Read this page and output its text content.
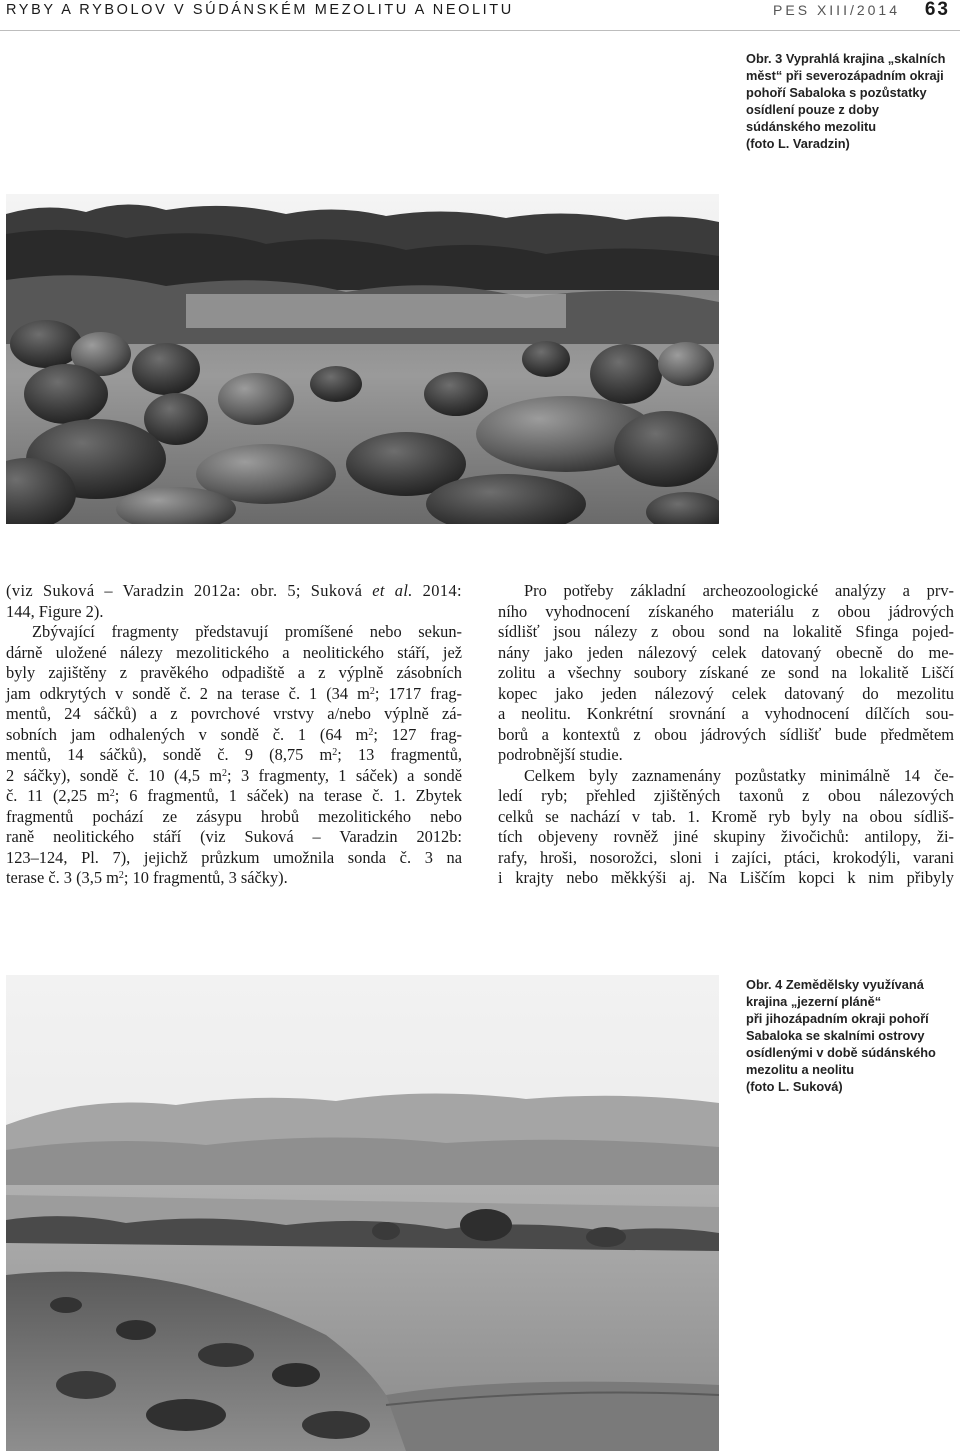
RYBY A RYBOLOV V SÚDÁNSKÉM MEZOLITU A NEOLITU	PES XIII/2014 63
Obr. 3 Vyprahlá krajina „skalních
měst“ při severozápadním okraji
pohoří Sabaloka s pozůstatky
osídlení pouze z doby
súdánského mezolitu
(foto L. Varadzin)

(viz Suková – Varadzin 2012a: obr. 5; Suková et al. 2014:
144, Figure 2).

Zbývající fragmenty představují promíšené nebo sekun-
dárně uložené nálezy mezolitického a neolitického stáří, jež
byly zajištěny z pravěkého odpadiště a z výplně zásobních
jam odkrytých v sondě č. 2 na terase č. 1 (34 $m^2$; 1717 frag-
mentů, 24 sáčků) a z povrchové vrstvy a/nebo výplně zá-
sobních jam odhalených v sondě č. 1 (64 $m^2$; 127 frag-
mentů, 14 sáčků), sondě č. 9 (8,75 $m^2$; 13 fragmentů,
2 sáčky), sondě č. 10 (4,5 $m^2$; 3 fragmenty, 1 sáček) a sondě
č. 11 (2,25 $m^2$; 6 fragmentů, 1 sáček) na terase č. 1. Zbytek
fragmentů pochází ze zásypu hrobů mezolitického nebo
raně neolitického stáří (viz Suková – Varadzin 2012b:
123–124, Pl. 7), jejichž průzkum umožnila sonda č. 3 na
terase č. 3 (3,5 $m^2$; 10 fragmentů, 3 sáčky).

Pro potřeby základní archeozoologické analýzy a prv-
ního vyhodnocení získaného materiálu z obou jádrových
sídlišť jsou nálezy z obou sond na lokalitě Sfinga pojed-
nány jako jeden nálezový celek datovaný obecně do me-
zolitu a všechny soubory získané ze sond na lokalitě Liščí
kopec jako jeden nálezový celek datovaný do mezolitu
a neolitu. Konkrétní srovnání a vyhodnocení dílčích sou-
borů a kontextů z obou jádrových sídlišť bude předmětem
podrobnější studie.

Celkem byly zaznamenány pozůstatky minimálně 14 če-
ledí ryb; přehled zjištěných taxonů z obou nálezových
celků se nachází v tab. 1. Kromě ryb byly na obou sídliš-
tích objeveny rovněž jiné skupiny živočichů: antilopy, ži-
rafy, hroši, nosorožci, sloni i zajíci, ptáci, krokodýli, varani
i krajty nebo měkkýši aj. Na Liščím kopci k nim přibyly

Obr. 4 Zemědělsky využívaná
krajina „jezerní pláně“
při jihozápadním okraji pohoří
Sabaloka se skalními ostrovy
osídlenými v době súdánského
mezolitu a neolitu
(foto L. Suková)
